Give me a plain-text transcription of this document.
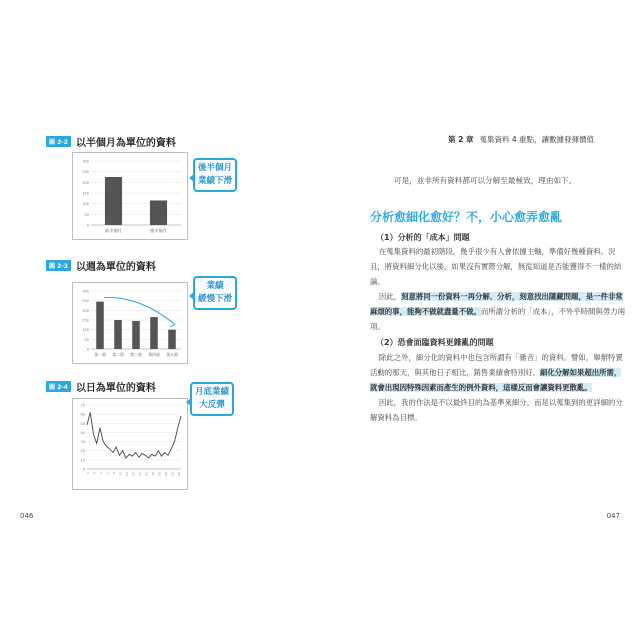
圖 2-2 以半個月為單位的資料
300
250
200
150
100
50
0
前半個月	後半個月
後半個月
業績下滑
圖 2-3 以週為單位的資料
300
250
200
150
100
50
0
第一週 第二週 第三週 第四週 第五週
業績
緩慢下滑
圖 2-4 以日為單位的資料
70
60
50
40
30
20
10
0
1 3 5 7 9 11 13 15 17 19 21 23 25 27 29
月底業績
大反彈
046
第 2 章 蒐集資料 4 重點，讓數據發揮價值
可是，並非所有資料都可以分解至最極致，理由如下。
分析愈細化愈好？不，小心愈弄愈亂
（1）分析的「成本」問題

在蒐集資料的最初階段，幾乎很少有人會依據主軸，準備好幾種資料。況且，將資料細分化以後，如果沒有實際分解，無從知道是否能獲得不一樣的結論。

因此，刻意將同一份資料一再分解、分析，刻意找出隱藏問題，是一件非常麻煩的事，能夠不做就盡量不做。而所謂分析的「成本」，不外乎時間與勞力兩項。

（2）恐會面臨資料更雜亂的問題

除此之外，細分化的資料中也包含所謂有「雜音」的資料。譬如，舉辦特賣活動的那天，與其他日子相比，銷售業績會特別好。細化分解如果超出所需，就會出現因特殊因素而產生的例外資料，這樣反而會讓資料更散亂。

因此，我的作法是不以最終目的為基準來細分，而是以蒐集到的更詳細的分解資料為目標。

047
